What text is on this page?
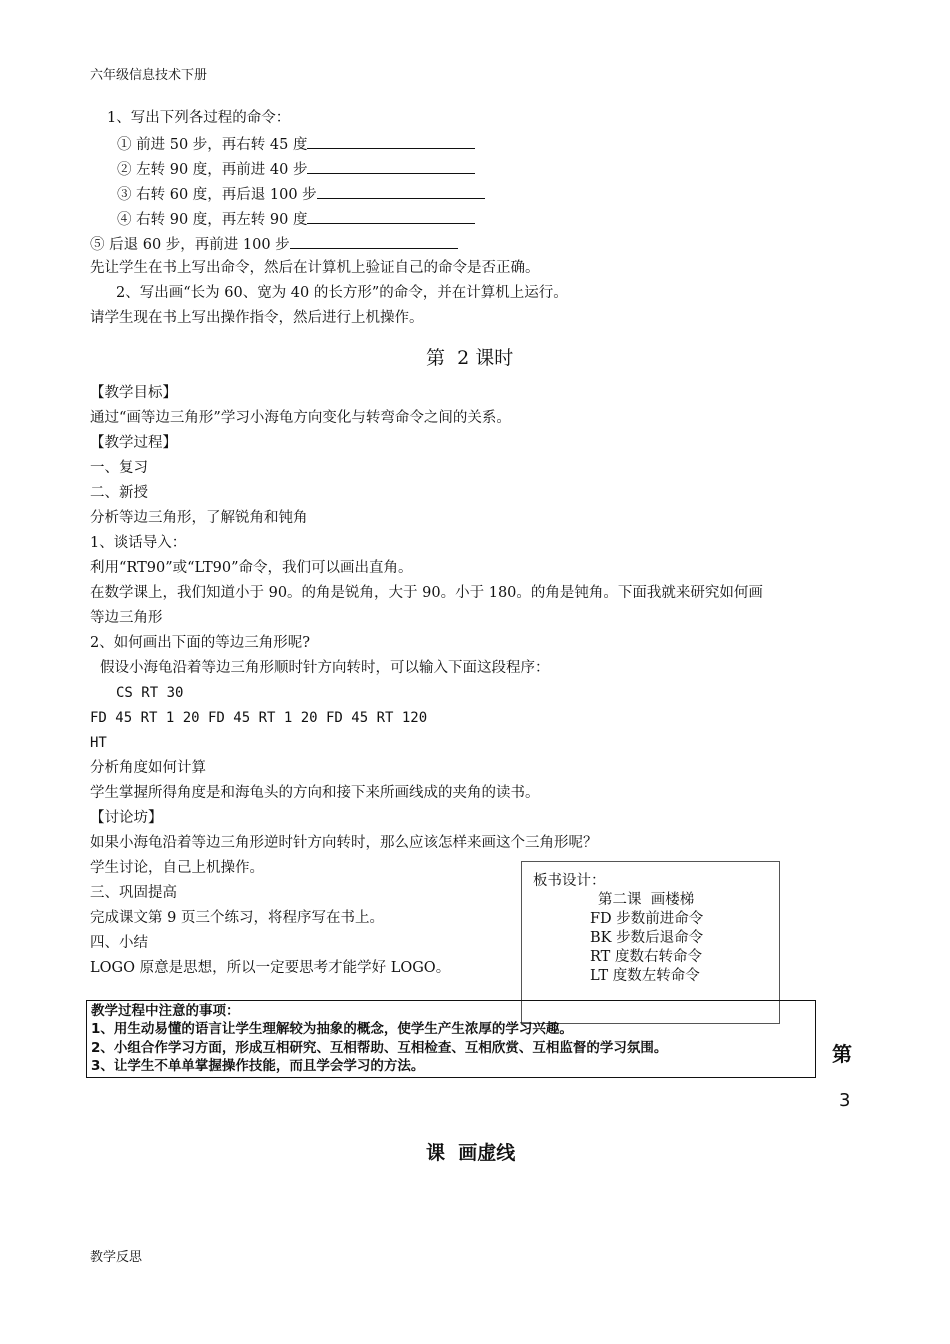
六年级信息技术下册
1、写出下列各过程的命令：
① 前进 50 步，再右转 45 度
② 左转 90 度，再前进 40 步
③ 右转 60 度，再后退 100 步
④ 右转 90 度，再左转 90 度
⑤ 后退 60 步，再前进 100 步
先让学生在书上写出命令，然后在计算机上验证自己的命令是否正确。
2、写出画“长为 60、宽为 40 的长方形”的命令，并在计算机上运行。
请学生现在书上写出操作指令，然后进行上机操作。
第  2 课时
【教学目标】
通过“画等边三角形”学习小海龟方向变化与转弯命令之间的关系。
【教学过程】
一、复习
二、新授
分析等边三角形，了解锐角和钝角
1、谈话导入：
利用“RT90”或“LT90”命令，我们可以画出直角。
在数学课上，我们知道小于 90。的角是锐角，大于 90。小于 180。的角是钝角。下面我就来研究如何画
等边三角形
2、如何画出下面的等边三角形呢?
假设小海龟沿着等边三角形顺时针方向转时，可以输入下面这段程序：
CS RT 30
FD 45 RT 1 20 FD 45 RT 1 20 FD 45 RT 120
HT
分析角度如何计算
学生掌握所得角度是和海龟头的方向和接下来所画线成的夹角的读书。
【讨论坊】
如果小海龟沿着等边三角形逆时针方向转时，那么应该怎样来画这个三角形呢？
学生讨论，自己上机操作。
三、巩固提高
完成课文第 9 页三个练习，将程序写在书上。
四、小结
LOGO 原意是思想，所以一定要思考才能学好 LOGO。
板书设计：
第二课  画楼梯
FD 步数前进命令
BK 步数后退命令
RT 度数右转命令
LT 度数左转命令
教学过程中注意的事项：
1、用生动易懂的语言让学生理解较为抽象的概念，使学生产生浓厚的学习兴趣。
2、小组合作学习方面，形成互相研究、互相帮助、互相检查、互相欣赏、互相监督的学习氛围。
3、让学生不单单掌握操作技能，而且学会学习的方法。	第
3
课  画虚线
教学反思
